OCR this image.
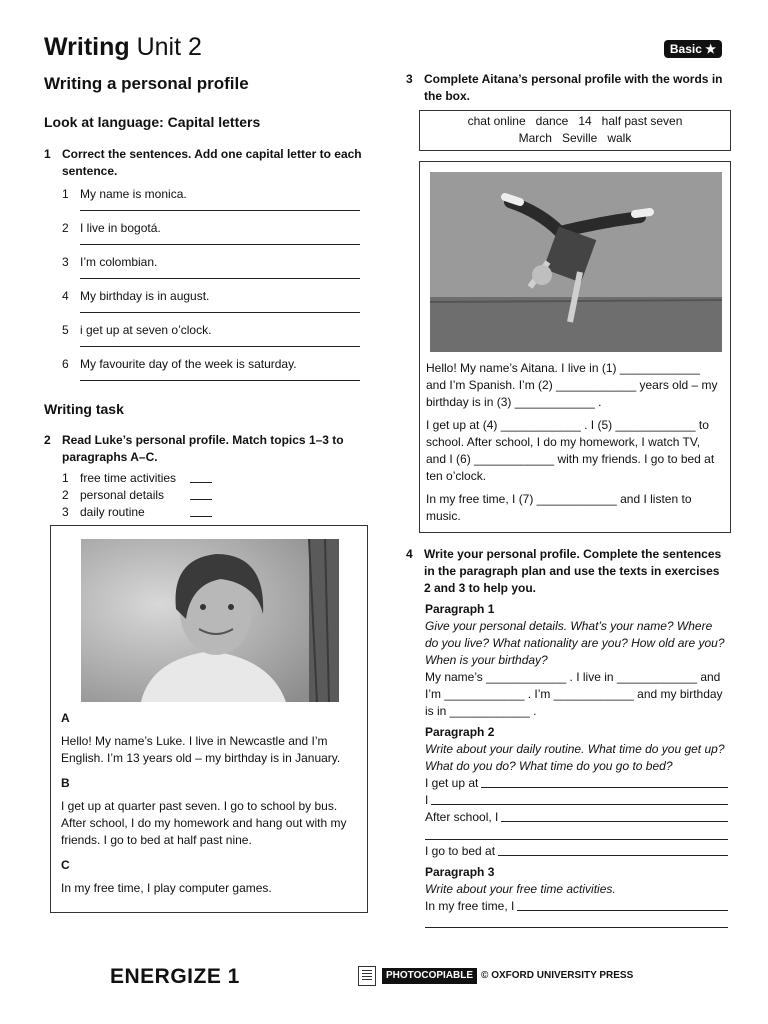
Writing Unit 2	Basic ★
Writing a personal profile
Look at language: Capital letters
1 Correct the sentences. Add one capital letter to each sentence.
1 My name is monica.
2 I live in bogotá.
3 I’m colombian.
4 My birthday is in august.
5 i get up at seven o’clock.
6 My favourite day of the week is saturday.
Writing task
2 Read Luke’s personal profile. Match topics 1–3 to paragraphs A–C.
1 free time activities
2 personal details
3 daily routine
A
Hello! My name’s Luke. I live in Newcastle and I’m English. I’m 13 years old – my birthday is in January.
B
I get up at quarter past seven. I go to school by bus. After school, I do my homework and hang out with my friends. I go to bed at half past nine.
C
In my free time, I play computer games.
3 Complete Aitana’s personal profile with the words in the box.
chat online   dance   14   half past seven
March   Seville   walk
Hello! My name’s Aitana. I live in (1) ____________ and I’m Spanish. I’m (2) ____________ years old – my birthday is in (3) ____________ .
I get up at (4) ____________ . I (5) ____________ to school. After school, I do my homework, I watch TV, and I (6) ____________ with my friends. I go to bed at ten o’clock.
In my free time, I (7) ____________ and I listen to music.
4 Write your personal profile. Complete the sentences in the paragraph plan and use the texts in exercises 2 and 3 to help you.
Paragraph 1
Give your personal details. What’s your name? Where do you live? What nationality are you? How old are you? When is your birthday?
My name’s ____________ . I live in ____________ and I’m ____________ . I’m ____________ and my birthday is in ____________ .
Paragraph 2
Write about your daily routine. What time do you get up? What do you do? What time do you go to bed?
I get up at
I
After school, I
I go to bed at
Paragraph 3
Write about your free time activities.
In my free time, I
ENERGIZE 1	PHOTOCOPIABLE © OXFORD UNIVERSITY PRESS
